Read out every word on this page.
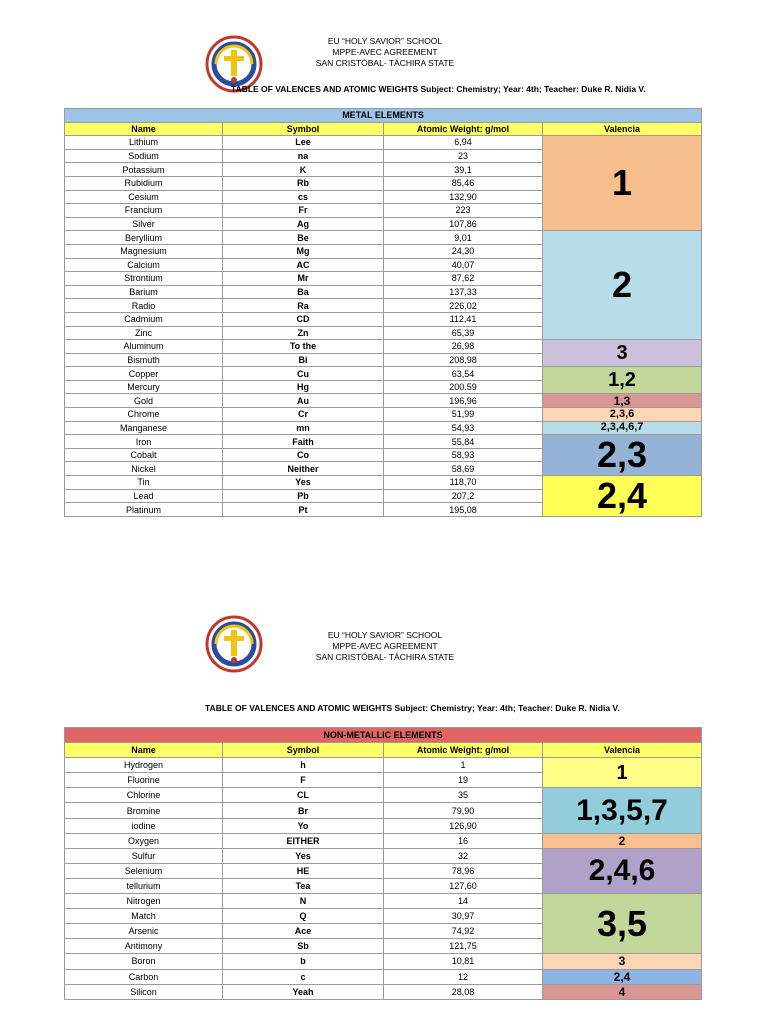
EU “HOLY SAVIOR” SCHOOL
MPPE-AVEC AGREEMENT
SAN CRISTÓBAL- TÁCHIRA STATE
TABLE OF VALENCES AND ATOMIC WEIGHTS Subject: Chemistry; Year: 4th; Teacher: Duke R. Nidia V.
METAL ELEMENTS			
Name	Symbol	Atomic Weight: g/mol	Valencia
Lithium	Lee	6,94	1
Sodium	na	23	
Potassium	K	39,1	
Rubidium	Rb	85,46	
Cesium	cs	132,90	
Francium	Fr	223	
Silver	Ag	107,86	
Beryllium	Be	9,01	2
Magnesium	Mg	24,30	
Calcium	AC	40,07	
Strontium	Mr	87,62	
Barium	Ba	137,33	
Radio	Ra	226,02	
Cadmium	CD	112,41	
Zinc	Zn	65,39	
Aluminum	To the	26,98	3
Bismuth	Bi	208,98	
Copper	Cu	63,54	1,2
Mercury	Hg	200.59	
Gold	Au	196,96	1,3
Chrome	Cr	51,99	2,3,6
Manganese	mn	54,93	2,3,4,6,7
Iron	Faith	55,84	2,3
Cobalt	Co	58,93	
Nickel	Neither	58,69	
Tin	Yes	118,70	2,4
Lead	Pb	207,2	
Platinum	Pt	195,08	
EU “HOLY SAVIOR” SCHOOL
MPPE-AVEC AGREEMENT
SAN CRISTÓBAL- TÁCHIRA STATE
TABLE OF VALENCES AND ATOMIC WEIGHTS Subject: Chemistry; Year: 4th; Teacher: Duke R. Nidia V.
NON-METALLIC ELEMENTS			
Name	Symbol	Atomic Weight: g/mol	Valencia
Hydrogen	h	1	1
Fluorine	F	19	
Chlorine	CL	35	1,3,5,7
Bromine	Br	79,90	
iodine	Yo	126,90	
Oxygen	EITHER	16	2
Sulfur	Yes	32	2,4,6
Selenium	HE	78,96	
tellurium	Tea	127,60	
Nitrogen	N	14	3,5
Match	Q	30,97	
Arsenic	Ace	74,92	
Antimony	Sb	121,75	
Boron	b	10,81	3
Carbon	c	12	2,4
Silicon	Yeah	28,08	4
